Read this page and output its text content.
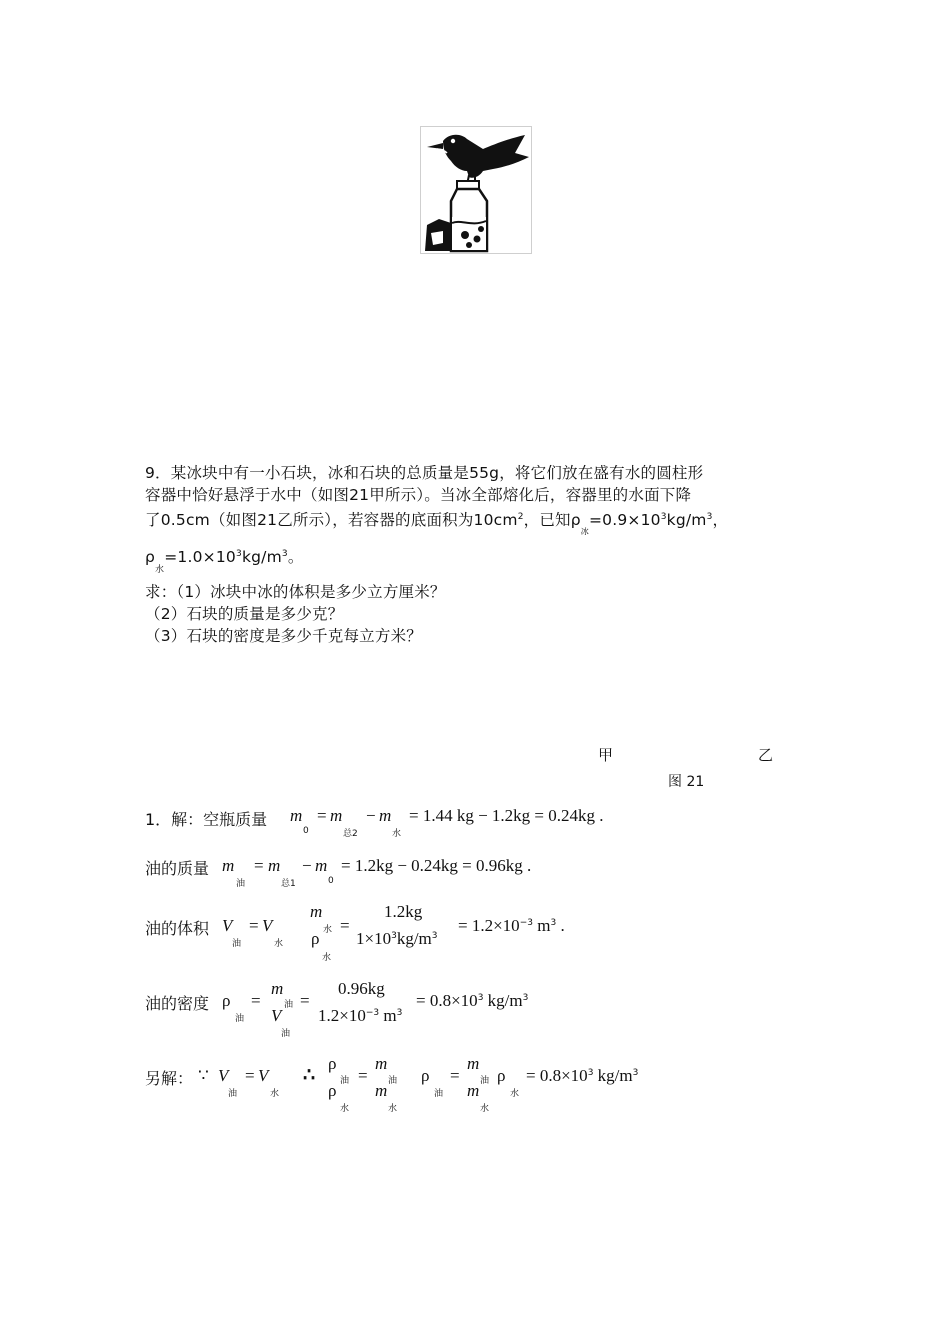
9．某冰块中有一小石块，冰和石块的总质量是55g，将它们放在盛有水的圆柱形

容器中恰好悬浮于水中（如图21甲所示）。当冰全部熔化后，容器里的水面下降

了0.5cm（如图21乙所示），若容器的底面积为$10cm^2$，已知$\rho_冰=0.9\times 10^3kg/m^3$，

$\rho^水=1.0\times 10^3kg/m^3$。

求：（1）冰块中冰的体积是多少立方厘米？

（2）石块的质量是多少克？

（3）石块的密度是多少千克每立方米？

甲	乙
图 21
1．解：空瓶质量 m
0
= m
总2
− m
水
= 1.44 kg − 1.2kg = 0.24kg .
油的质量 m
油
= m
总1
− m
0
= 1.2kg − 0.24kg = 0.96kg .
油的体积 V
油
= V
水
m
水 =
ρ
水
1.2kg
$1\times 10^3kg/m^3$
= $1.2\times 10^{-3}$ $m^3$ .
油的密度 ρ
油
=
m
油
V
油
=
0.96kg
$1.2\times 10^{-3}$ $m^3$
= $0.8\times 10^3$ $kg/m^3$
另解： ∵ V
油
= V
水
∴
ρ
油
ρ
水
=
m
油
m
水
ρ
油
=
m
油
m
水
ρ
水
= $0.8\times 10^3$ $kg/m^3$
